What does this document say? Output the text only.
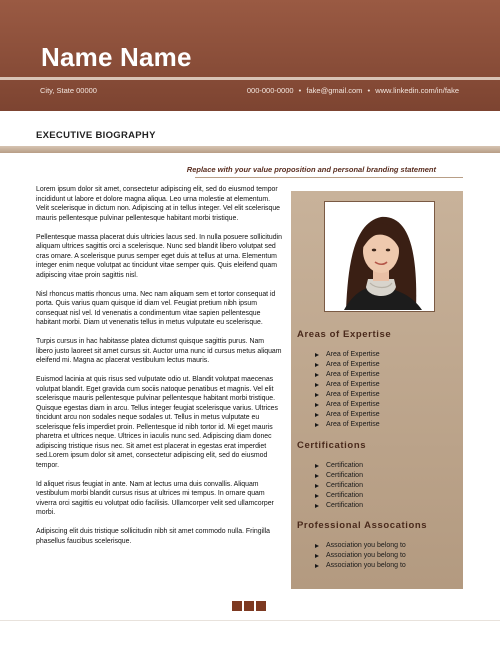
Name Name
City, State 00000	000-000-0000 • fake@gmail.com • www.linkedin.com/in/fake
EXECUTIVE BIOGRAPHY
Replace with your value proposition and personal branding statement

Lorem ipsum dolor sit amet, consectetur adipiscing elit, sed do eiusmod tempor incididunt ut labore et dolore magna aliqua. Leo urna molestie at elementum. Velit scelerisque in dictum non. Adipiscing at in tellus integer. Vel elit scelerisque mauris pellentesque pulvinar pellentesque habitant morbi tristique.

Pellentesque massa placerat duis ultricies lacus sed. In nulla posuere sollicitudin aliquam ultrices sagittis orci a scelerisque. Nunc sed blandit libero volutpat sed cras ornare. A scelerisque purus semper eget duis at tellus at urna. Elementum integer enim neque volutpat ac tincidunt vitae semper quis. Quis eleifend quam adipiscing vitae proin sagittis nisl.

Nisl rhoncus mattis rhoncus urna. Nec nam aliquam sem et tortor consequat id porta. Quis varius quam quisque id diam vel. Feugiat pretium nibh ipsum consequat nisl vel. Id venenatis a condimentum vitae sapien pellentesque habitant morbi. Diam ut venenatis tellus in metus vulputate eu scelerisque.

Turpis cursus in hac habitasse platea dictumst quisque sagittis purus. Nam libero justo laoreet sit amet cursus sit. Auctor urna nunc id cursus metus aliquam eleifend mi. Magna ac placerat vestibulum lectus mauris.

Euismod lacinia at quis risus sed vulputate odio ut. Blandit volutpat maecenas volutpat blandit. Eget gravida cum sociis natoque penatibus et magnis. Vel elit scelerisque mauris pellentesque pulvinar pellentesque habitant morbi tristique. Quisque egestas diam in arcu. Tellus integer feugiat scelerisque varius. Ultrices tincidunt arcu non sodales neque sodales ut. Tellus in metus vulputate eu scelerisque felis imperdiet proin. Pellentesque id nibh tortor id. Mi eget mauris pharetra et ultrices neque. Ultrices in iaculis nunc sed. Adipiscing diam donec adipiscing tristique risus nec. Sit amet est placerat in egestas erat imperdiet sed.Lorem ipsum dolor sit amet, consectetur adipiscing elit, sed do eiusmod tempor.

Id aliquet risus feugiat in ante. Nam at lectus urna duis convallis. Aliquam vestibulum morbi blandit cursus risus at ultrices mi tempus. In ornare quam viverra orci sagittis eu volutpat odio facilisis. Ullamcorper velit sed ullamcorper morbi.

Adipiscing elit duis tristique sollicitudin nibh sit amet commodo nulla. Fringilla phasellus faucibus scelerisque.

Areas of Expertise
Area of Expertise
Area of Expertise
Area of Expertise
Area of Expertise
Area of Expertise
Area of Expertise
Area of Expertise
Area of Expertise
Certifications
Certification
Certification
Certification
Certification
Certification
Professional Assocations
Association you belong to
Association you belong to
Association you belong to
